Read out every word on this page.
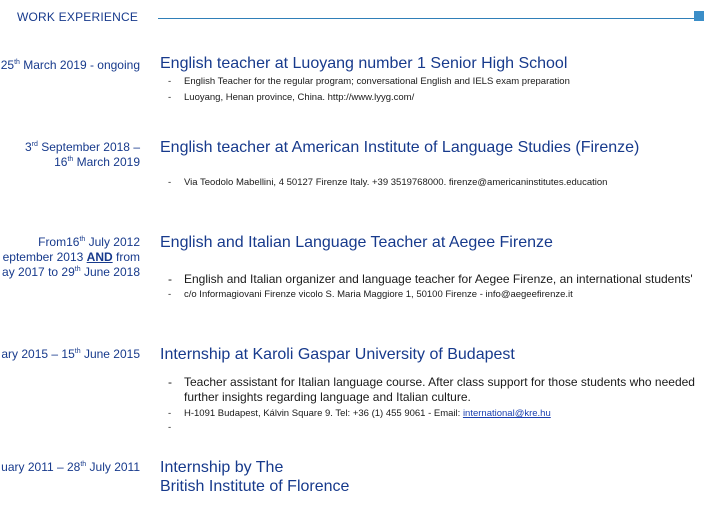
WORK EXPERIENCE
25th March 2019 - ongoing English teacher at Luoyang number 1 Senior High School
- English Teacher for the regular program; conversational English and IELS exam preparation
- Luoyang, Henan province, China. http://www.lyyg.com/
3rd September 2018 –
16th March 2019
English teacher at American Institute of Language Studies (Firenze)
- Via Teodolo Mabellini, 4 50127 Firenze Italy. +39 3519768000. firenze@americaninstitutes.education
From16th July 2012
eptember 2013 AND from
ay 2017 to 29th June 2018
English and Italian Language Teacher at Aegee Firenze
- English and Italian organizer and language teacher for Aegee Firenze, an international students'
- c/o Informagiovani Firenze vicolo S. Maria Maggiore 1, 50100 Firenze - info@aegeefirenze.it
ary 2015 – 15th June 2015 Internship at Karoli Gaspar University of Budapest
- Teacher assistant for Italian language course. After class support for those students who needed further insights regarding language and Italian culture.
- H-1091 Budapest, Kálvin Square 9. Tel: +36 (1) 455 9061 - Email: international@kre.hu
-
uary 2011 – 28th July 2011 Internship by The
British Institute of Florence
